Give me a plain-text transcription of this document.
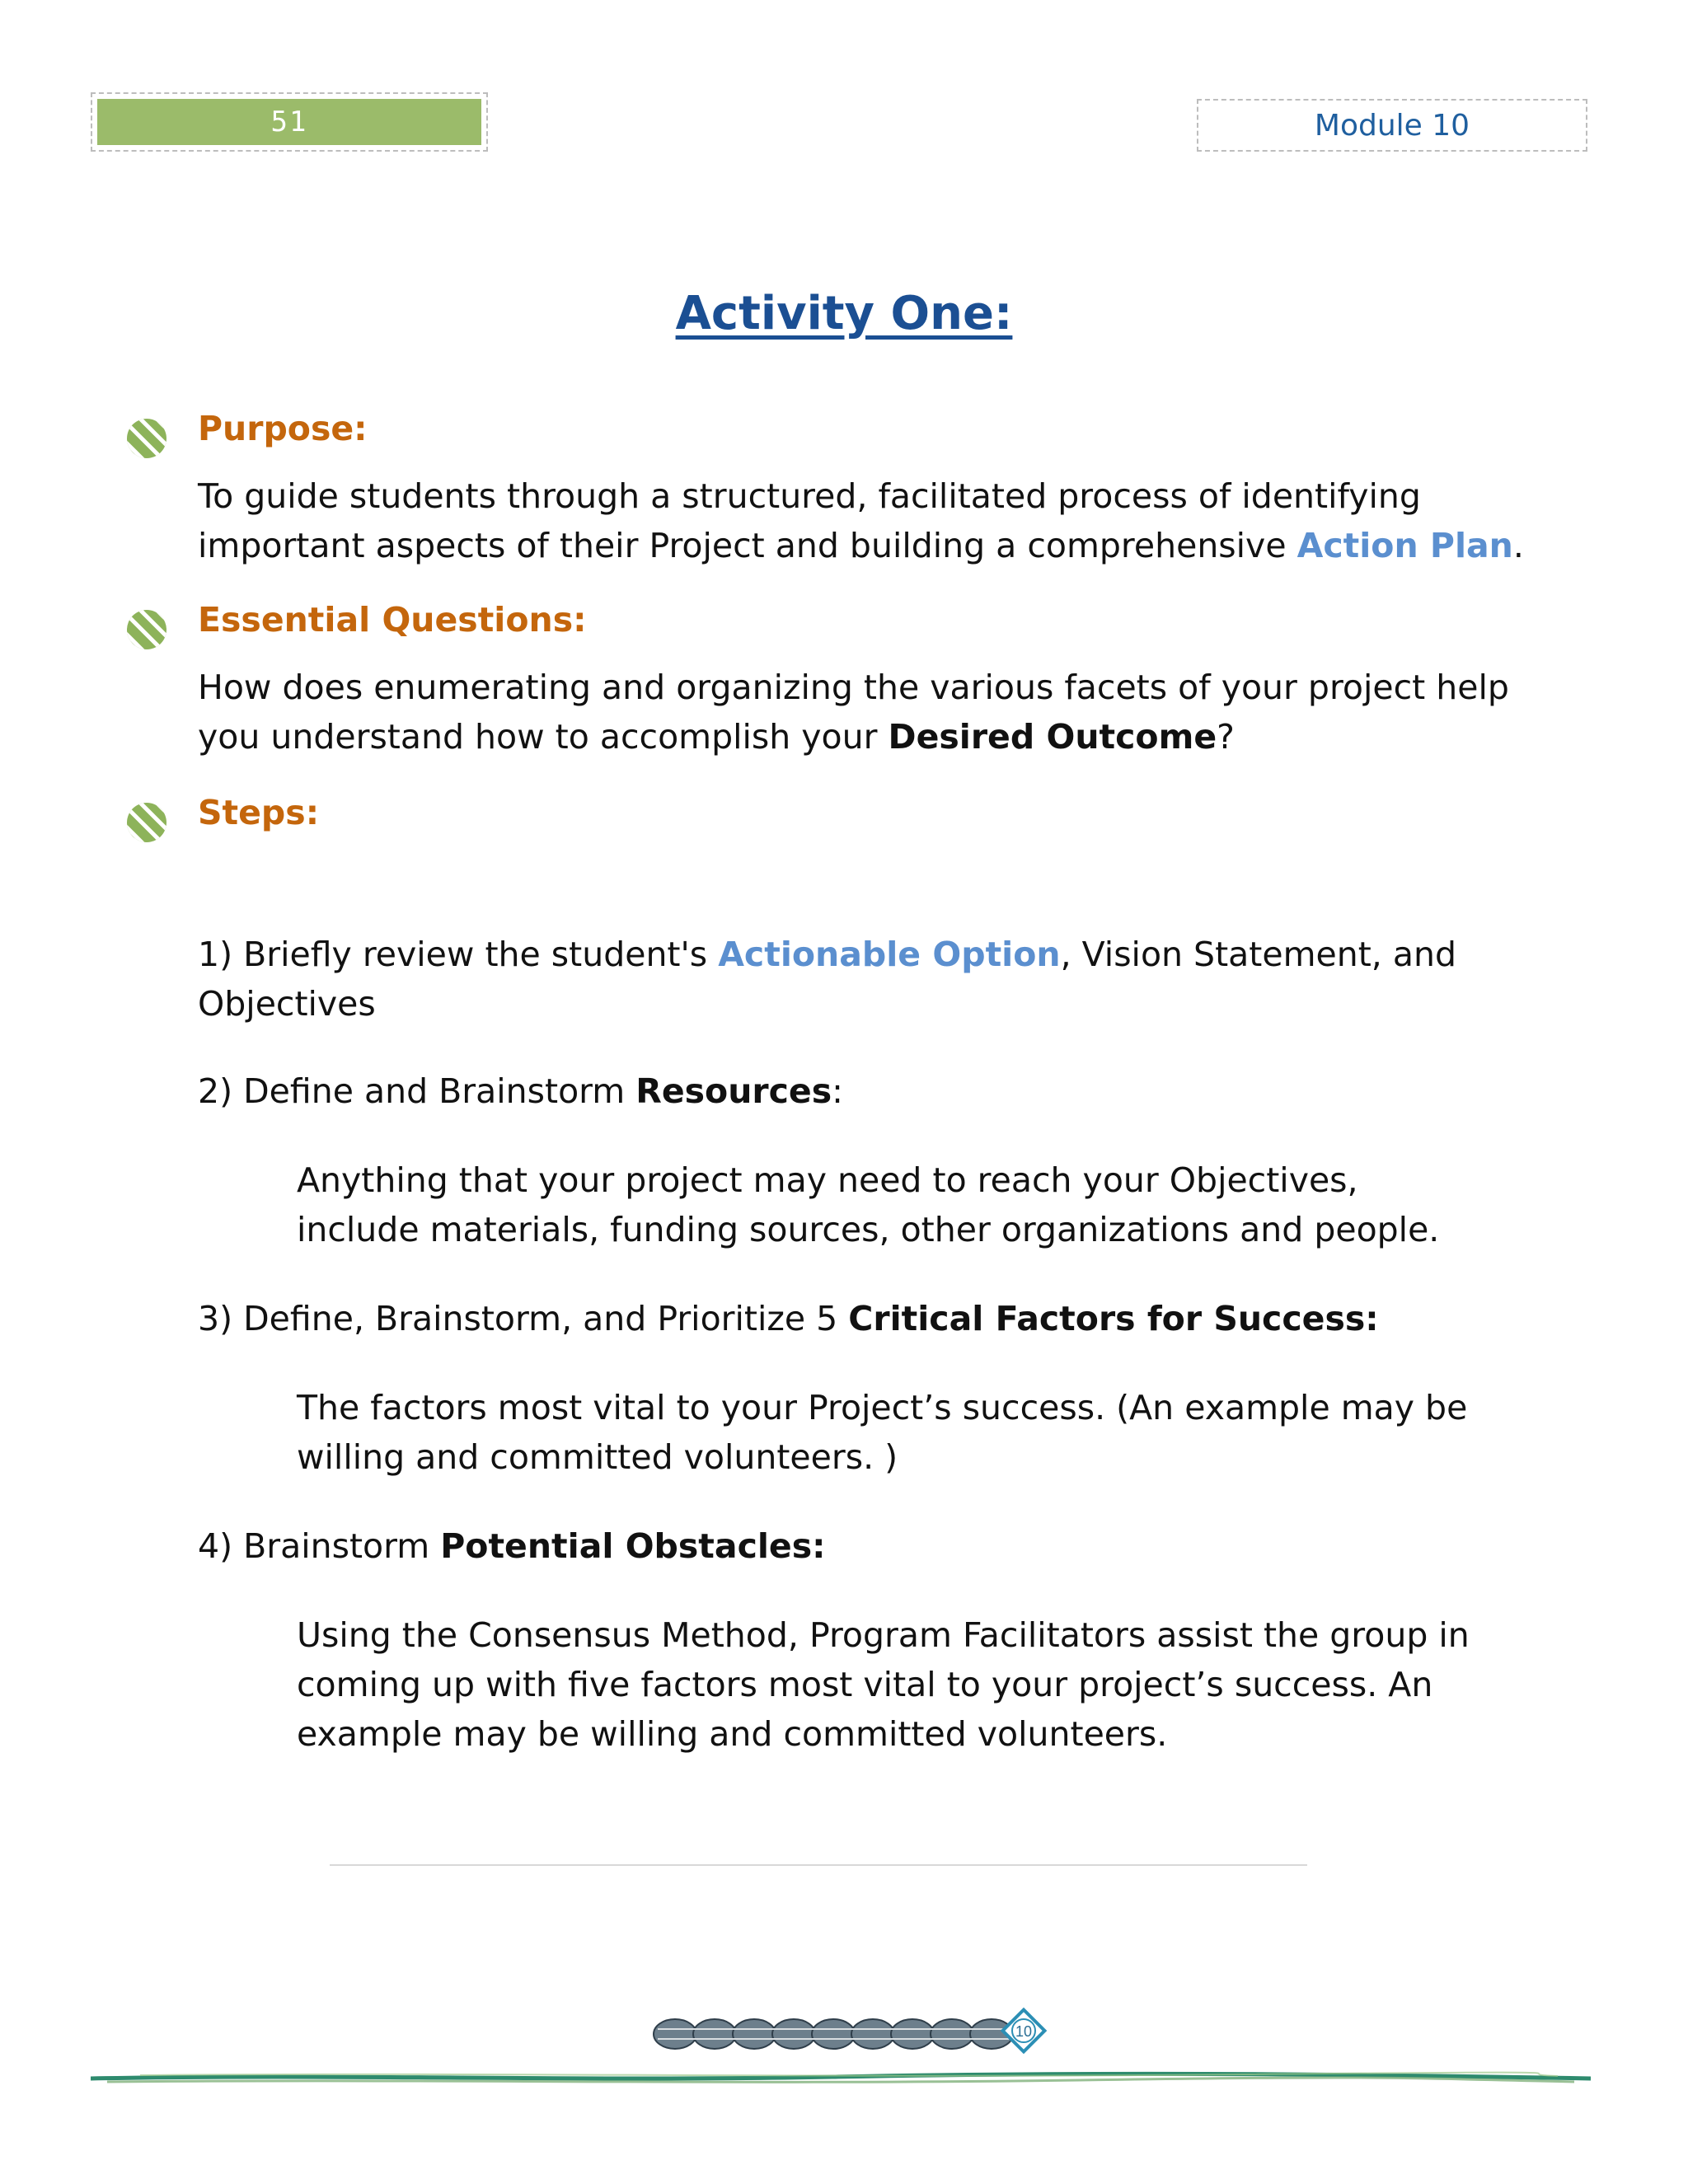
51	Module 10
Activity One:
Purpose:
To guide students through a structured, facilitated process of identifying important aspects of their Project and building a comprehensive Action Plan.
Essential Questions:
How does enumerating and organizing the various facets of your project help you understand how to accomplish your Desired Outcome?
Steps:
1) Briefly review the student's Actionable Option, Vision Statement, and Objectives
2) Define and Brainstorm Resources:
Anything that your project may need to reach your Objectives, include materials, funding sources, other organizations and people.
3) Define, Brainstorm, and Prioritize 5 Critical Factors for Success:
The factors most vital to your Project’s success. (An example may be willing and committed volunteers. )
4) Brainstorm Potential Obstacles:
Using the Consensus Method, Program Facilitators assist the group in coming up with five factors most vital to your project’s success. An example may be willing and committed volunteers.
10
